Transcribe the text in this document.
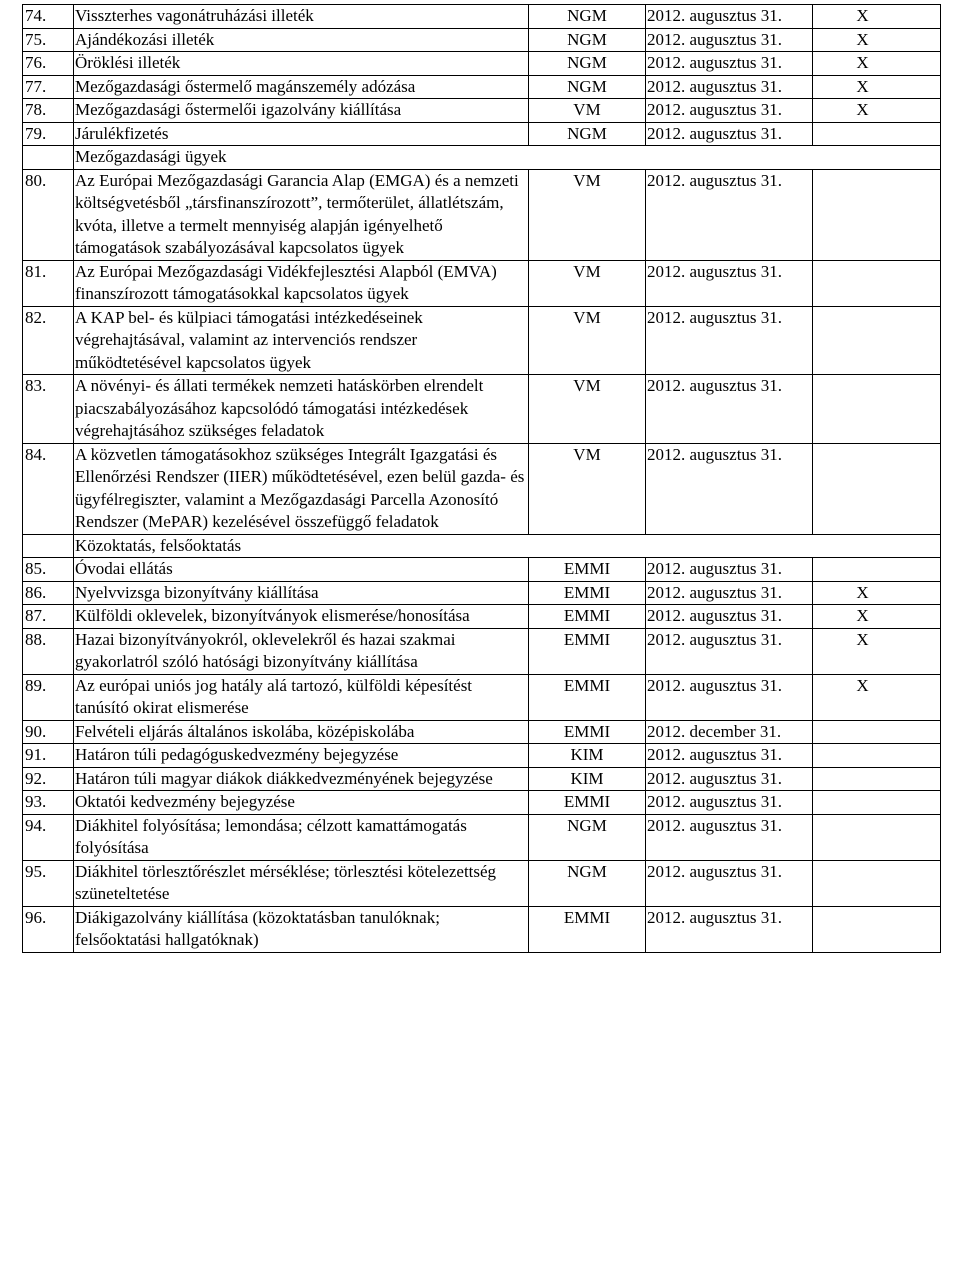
74.	Visszterhes vagonátruházási illeték	NGM	2012. augusztus 31.	X
75.	Ajándékozási illeték	NGM	2012. augusztus 31.	X
76.	Öröklési illeték	NGM	2012. augusztus 31.	X
77.	Mezőgazdasági őstermelő magánszemély adózása	NGM	2012. augusztus 31.	X
78.	Mezőgazdasági őstermelői igazolvány kiállítása	VM	2012. augusztus 31.	X
79.	Járulékfizetés	NGM	2012. augusztus 31.	
	Mezőgazdasági ügyek			
80.	Az Európai Mezőgazdasági Garancia Alap (EMGA) és a nemzeti költségvetésből „társfinanszírozott”, termőterület, állatlétszám, kvóta, illetve a termelt mennyiség alapján igényelhető támogatások szabályozásával kapcsolatos ügyek	VM	2012. augusztus 31.	
81.	Az Európai Mezőgazdasági Vidékfejlesztési Alapból (EMVA) finanszírozott támogatásokkal kapcsolatos ügyek	VM	2012. augusztus 31.	
82.	A KAP bel- és külpiaci támogatási intézkedéseinek végrehajtásával, valamint az intervenciós rendszer működtetésével kapcsolatos ügyek	VM	2012. augusztus 31.	
83.	A növényi- és állati termékek nemzeti hatáskörben elrendelt piacszabályozásához kapcsolódó támogatási intézkedések végrehajtásához szükséges feladatok	VM	2012. augusztus 31.	
84.	A közvetlen támogatásokhoz szükséges Integrált Igazgatási és Ellenőrzési Rendszer (IIER) működtetésével, ezen belül gazda- és ügyfélregiszter, valamint a Mezőgazdasági Parcella Azonosító Rendszer (MePAR) kezelésével összefüggő feladatok	VM	2012. augusztus 31.	
	Közoktatás, felsőoktatás			
85.	Óvodai ellátás	EMMI	2012. augusztus 31.	
86.	Nyelvvizsga bizonyítvány kiállítása	EMMI	2012. augusztus 31.	X
87.	Külföldi oklevelek, bizonyítványok elismerése/honosítása	EMMI	2012. augusztus 31.	X
88.	Hazai bizonyítványokról, oklevelekről és hazai szakmai gyakorlatról szóló hatósági bizonyítvány kiállítása	EMMI	2012. augusztus 31.	X
89.	Az európai uniós jog hatály alá tartozó, külföldi képesítést tanúsító okirat elismerése	EMMI	2012. augusztus 31.	X
90.	Felvételi eljárás általános iskolába, középiskolába	EMMI	2012. december 31.	
91.	Határon túli pedagóguskedvezmény bejegyzése	KIM	2012. augusztus 31.	
92.	Határon túli magyar diákok diákkedvezményének bejegyzése	KIM	2012. augusztus 31.	
93.	Oktatói kedvezmény bejegyzése	EMMI	2012. augusztus 31.	
94.	Diákhitel folyósítása; lemondása; célzott kamattámogatás folyósítása	NGM	2012. augusztus 31.	
95.	Diákhitel törlesztőrészlet mérséklése; törlesztési kötelezettség szüneteltetése	NGM	2012. augusztus 31.	
96.	Diákigazolvány kiállítása (közoktatásban tanulóknak; felsőoktatási hallgatóknak)	EMMI	2012. augusztus 31.	
